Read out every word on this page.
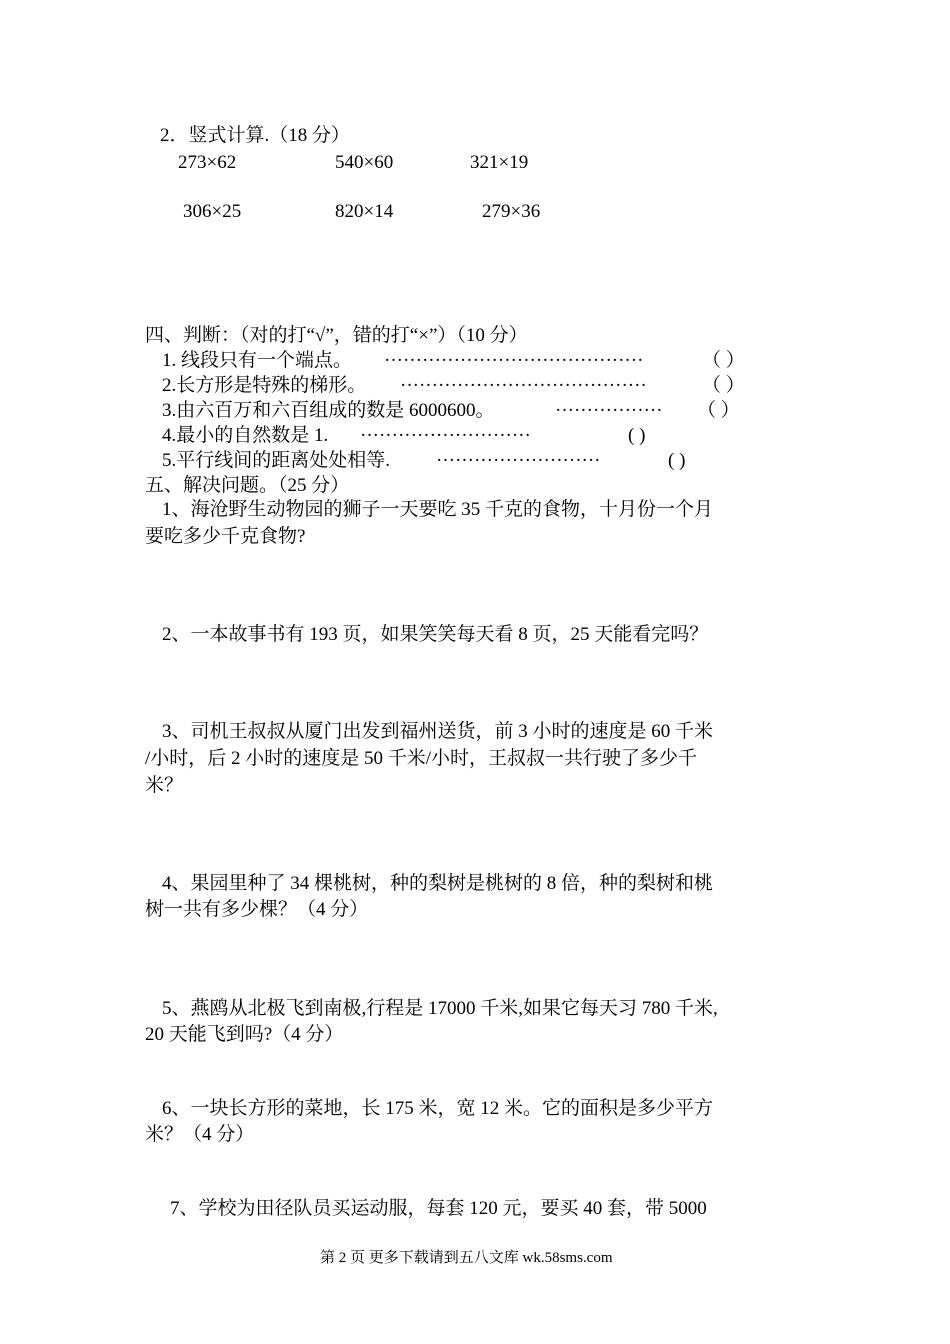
2．竖式计算.（18 分）
273×62	540×60	321×19
306×25	820×14	279×36
四、判断：（对的打“√”，错的打“×”）（10 分）
1. 线段只有一个端点。 ·········································	（ ）
2.长方形是特殊的梯形。 ·······································	（ ）
3.由六百万和六百组成的数是 6000600。	················· （ ）
4.最小的自然数是 1. ···························	( )
5.平行线间的距离处处相等. ··························	( )
五、解决问题。（25 分）
1、海沧野生动物园的狮子一天要吃 35 千克的食物，十月份一个月
要吃多少千克食物?
2、一本故事书有 193 页，如果笑笑每天看 8 页，25 天能看完吗？
3、司机王叔叔从厦门出发到福州送货，前 3 小时的速度是 60 千米
/小时，后 2 小时的速度是 50 千米/小时，王叔叔一共行驶了多少千
米？
4、果园里种了 34 棵桃树，种的梨树是桃树的 8 倍，种的梨树和桃
树一共有多少棵？（4 分）
5、燕鸥从北极飞到南极,行程是 17000 千米,如果它每天习 780 千米,
20 天能飞到吗?（4 分）
6、一块长方形的菜地，长 175 米，宽 12 米。它的面积是多少平方
米？（4 分）
7、学校为田径队员买运动服，每套 120 元，要买 40 套，带 5000
第 2 页 更多下载请到五八文库 wk.58sms.com
